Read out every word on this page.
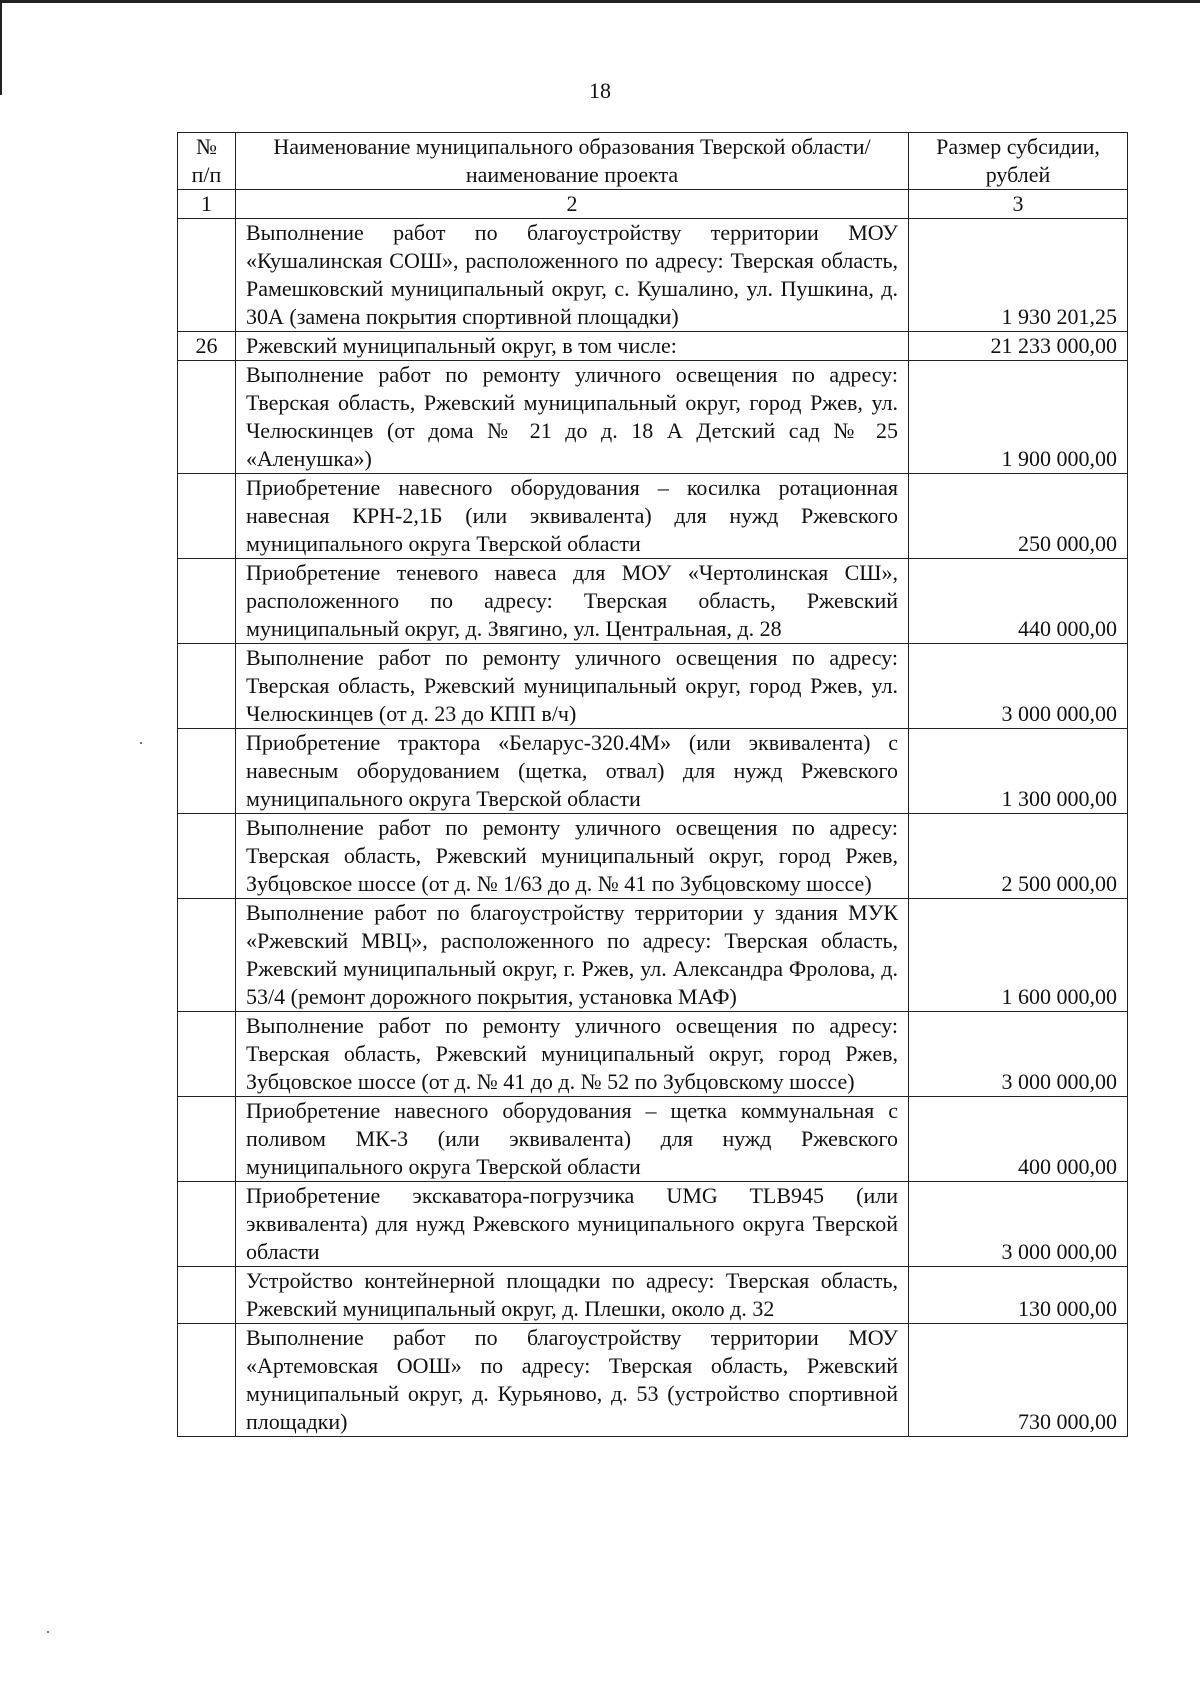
18
№ п/п	Наименование муниципального образования Тверской области/наименование проекта	Размер субсидии, рублей
1	2	3
	Выполнение работ по благоустройству территории МОУ «Кушалинская СОШ», расположенного по адресу: Тверская область, Рамешковский муниципальный округ, с. Кушалино, ул. Пушкина, д. 30А (замена покрытия спортивной площадки)	1 930 201,25
26	Ржевский муниципальный округ, в том числе:	21 233 000,00
	Выполнение работ по ремонту уличного освещения по адресу: Тверская область, Ржевский муниципальный округ, город Ржев, ул. Челюскинцев (от дома № 21 до д. 18 А Детский сад № 25 «Аленушка»)	1 900 000,00
	Приобретение навесного оборудования – косилка ротационная навесная КРН-2,1Б (или эквивалента) для нужд Ржевского муниципального округа Тверской области	250 000,00
	Приобретение теневого навеса для МОУ «Чертолинская СШ», расположенного по адресу: Тверская область, Ржевский муниципальный округ, д. Звягино, ул. Центральная, д. 28	440 000,00
	Выполнение работ по ремонту уличного освещения по адресу: Тверская область, Ржевский муниципальный округ, город Ржев, ул. Челюскинцев (от д. 23 до КПП в/ч)	3 000 000,00
	Приобретение трактора «Беларус-320.4М» (или эквивалента) с навесным оборудованием (щетка, отвал) для нужд Ржевского муниципального округа Тверской области	1 300 000,00
	Выполнение работ по ремонту уличного освещения по адресу: Тверская область, Ржевский муниципальный округ, город Ржев, Зубцовское шоссе (от д. № 1/63 до д. № 41 по Зубцовскому шоссе)	2 500 000,00
	Выполнение работ по благоустройству территории у здания МУК «Ржевский МВЦ», расположенного по адресу: Тверская область, Ржевский муниципальный округ, г. Ржев, ул. Александра Фролова, д. 53/4 (ремонт дорожного покрытия, установка МАФ)	1 600 000,00
	Выполнение работ по ремонту уличного освещения по адресу: Тверская область, Ржевский муниципальный округ, город Ржев, Зубцовское шоссе (от д. № 41 до д. № 52 по Зубцовскому шоссе)	3 000 000,00
	Приобретение навесного оборудования – щетка коммунальная с поливом МК-3 (или эквивалента) для нужд Ржевского муниципального округа Тверской области	400 000,00
	Приобретение экскаватора-погрузчика UMG TLB945 (или эквивалента) для нужд Ржевского муниципального округа Тверской области	3 000 000,00
	Устройство контейнерной площадки по адресу: Тверская область, Ржевский муниципальный округ, д. Плешки, около д. 32	130 000,00
	Выполнение работ по благоустройству территории МОУ «Артемовская ООШ» по адресу: Тверская область, Ржевский муниципальный округ, д. Курьяново, д. 53 (устройство спортивной площадки)	730 000,00
